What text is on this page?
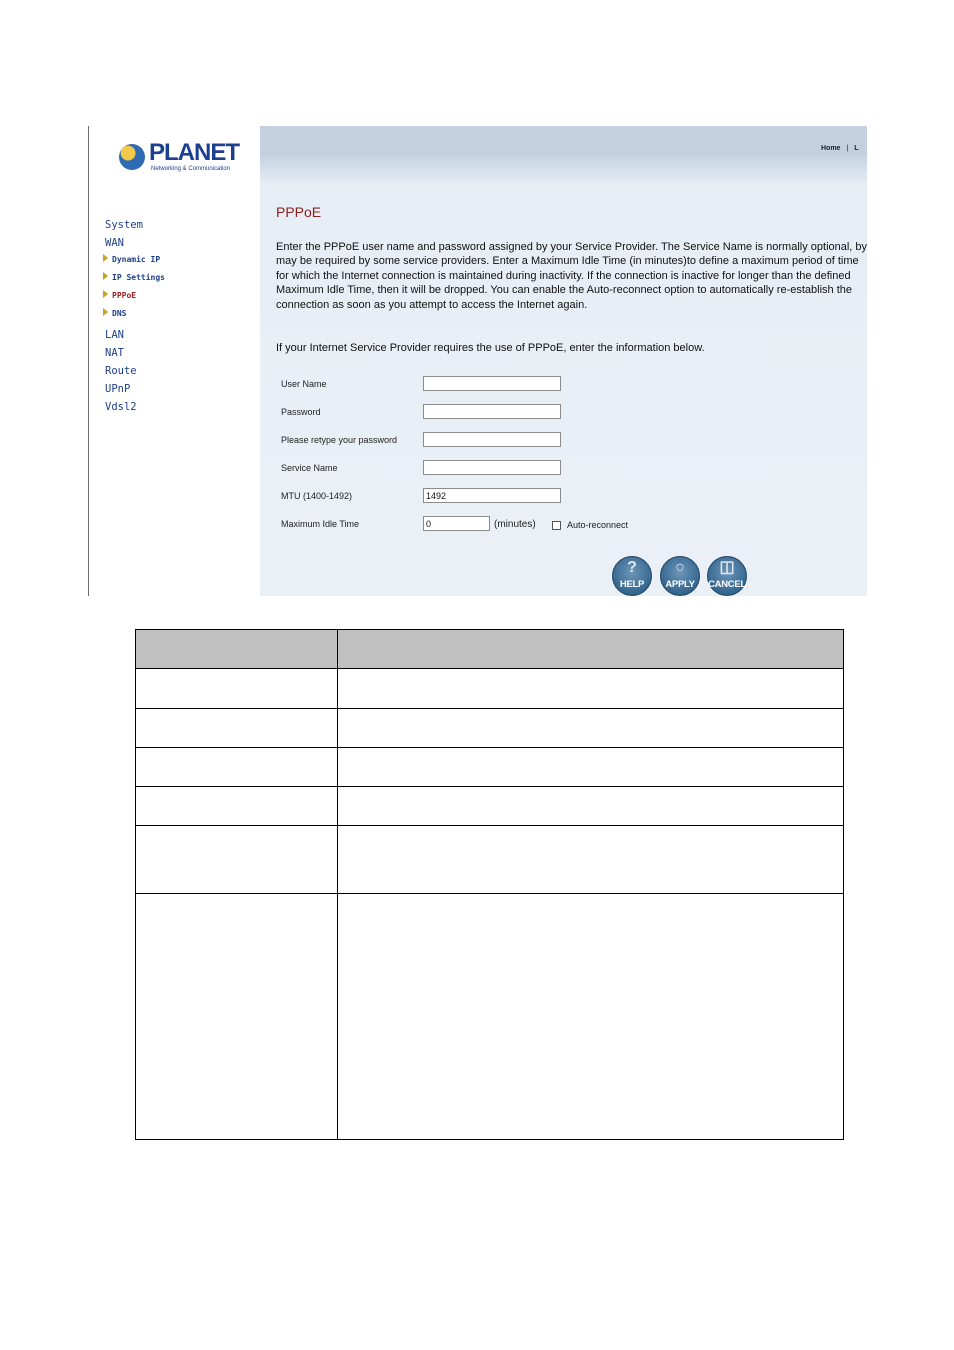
PLANET
Networking & Communication
System
WAN
Dynamic IP
IP Settings
PPPoE
DNS
LAN
NAT
Route
UPnP
Vdsl2
Home | L
PPPoE
Enter the PPPoE user name and password assigned by your Service Provider. The Service Name is normally optional, by may be required by some service providers. Enter a Maximum Idle Time (in minutes)to define a maximum period of time for which the Internet connection is maintained during inactivity. If the connection is inactive for longer than the defined Maximum Idle Time, then it will be dropped. You can enable the Auto-reconnect option to automatically re-establish the connection as soon as you attempt to access the Internet again.
If your Internet Service Provider requires the use of PPPoE, enter the information below.
User Name
Password
Please retype your password
Service Name
MTU (1400-1492)
1492
Maximum Idle Time
0	(minutes)	Auto-reconnect
?
HELP
○
APPLY
◫
CANCEL
